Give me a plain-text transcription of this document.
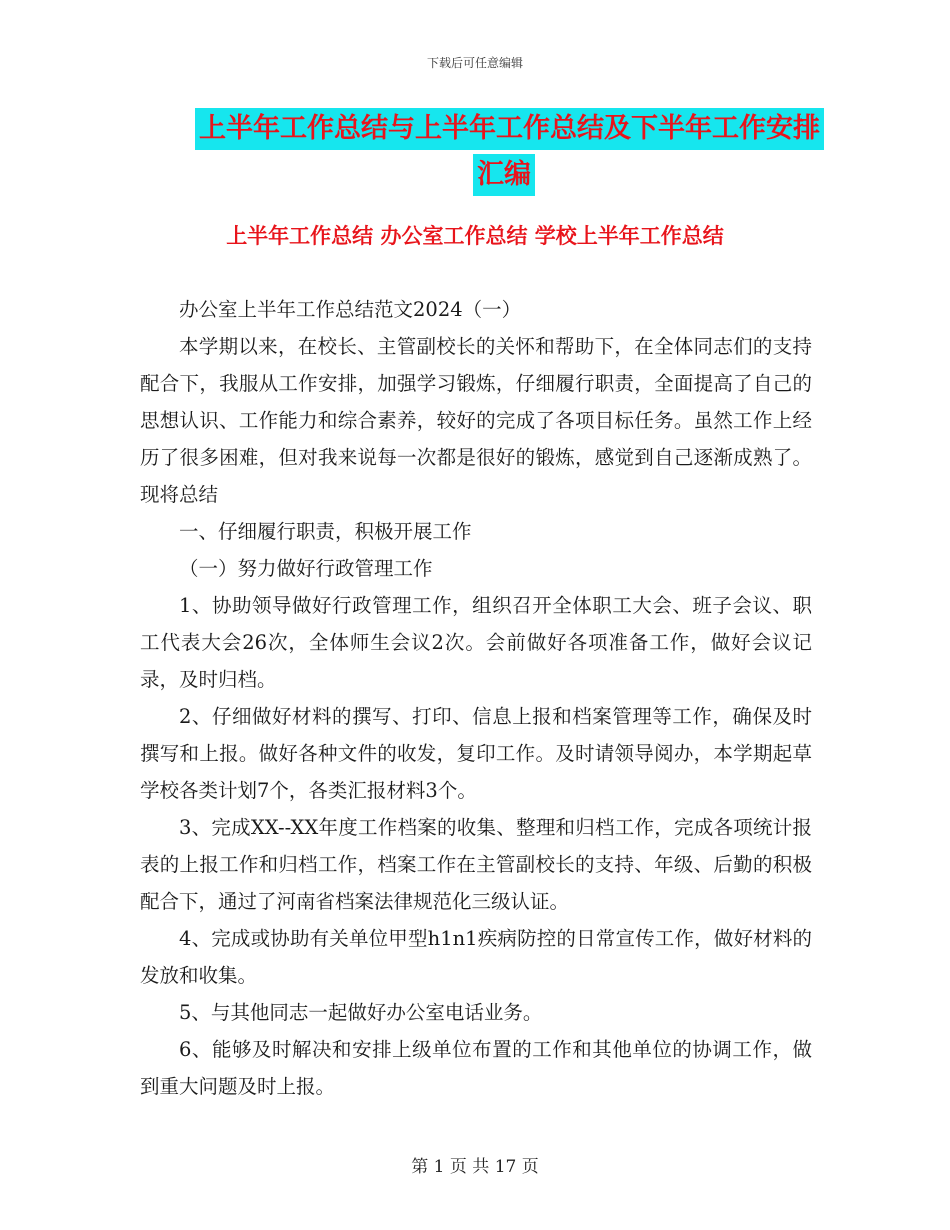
下载后可任意编辑
上半年工作总结与上半年工作总结及下半年工作安排
汇编
上半年工作总结 办公室工作总结 学校上半年工作总结

办公室上半年工作总结范文2024（一）

本学期以来，在校长、主管副校长的关怀和帮助下，在全体同志们的支持配合下，我服从工作安排，加强学习锻炼，仔细履行职责，全面提高了自己的思想认识、工作能力和综合素养，较好的完成了各项目标任务。虽然工作上经历了很多困难，但对我来说每一次都是很好的锻炼，感觉到自己逐渐成熟了。现将总结

一、仔细履行职责，积极开展工作

（一）努力做好行政管理工作

1、协助领导做好行政管理工作，组织召开全体职工大会、班子会议、职工代表大会26次，全体师生会议2次。会前做好各项准备工作，做好会议记录，及时归档。

2、仔细做好材料的撰写、打印、信息上报和档案管理等工作，确保及时撰写和上报。做好各种文件的收发，复印工作。及时请领导阅办，本学期起草学校各类计划7个，各类汇报材料3个。

3、完成XX--XX年度工作档案的收集、整理和归档工作，完成各项统计报表的上报工作和归档工作，档案工作在主管副校长的支持、年级、后勤的积极配合下，通过了河南省档案法律规范化三级认证。

4、完成或协助有关单位甲型h1n1疾病防控的日常宣传工作，做好材料的发放和收集。

5、与其他同志一起做好办公室电话业务。

6、能够及时解决和安排上级单位布置的工作和其他单位的协调工作，做到重大问题及时上报。

第 1 页 共 17 页
